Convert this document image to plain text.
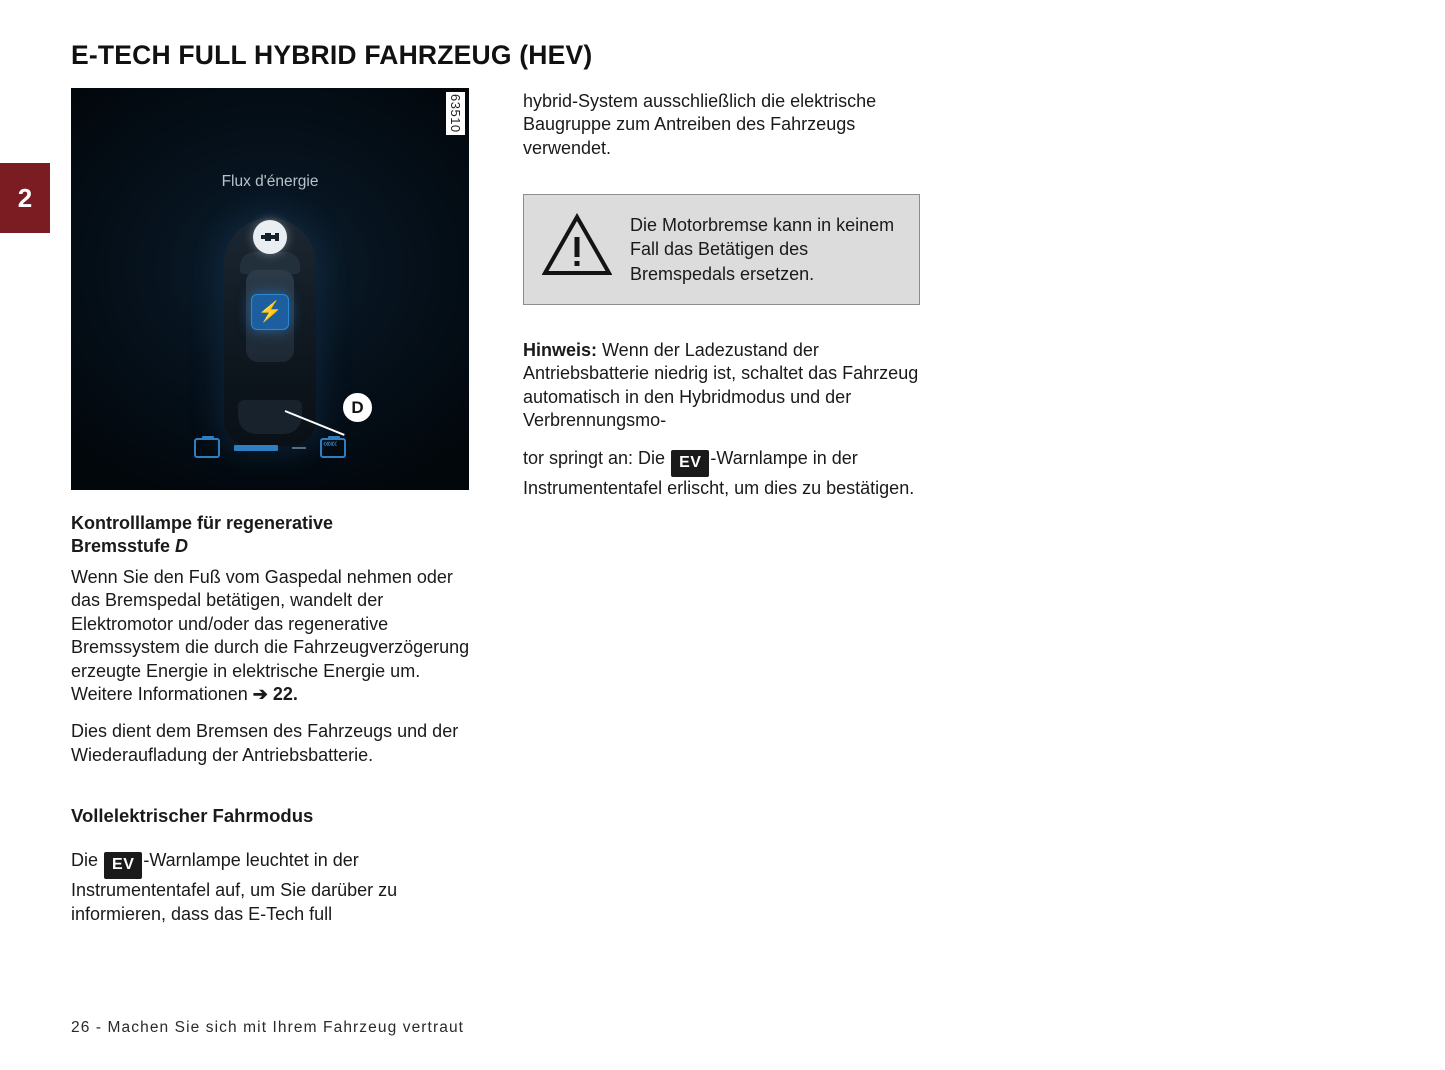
2
E-TECH FULL HYBRID FAHRZEUG (HEV)
63510
Flux d'énergie
⚡
D
«««
Kontrolllampe für regenerative
Bremsstufe D

Wenn Sie den Fuß vom Gaspedal nehmen oder das Bremspedal betätigen, wandelt der Elektromotor und/oder das regenerative Bremssystem die durch die Fahrzeugverzögerung erzeugte Energie in elektrische Energie um. Weitere Informationen ➔ 22.

Dies dient dem Bremsen des Fahrzeugs und der Wiederaufladung der Antriebsbatterie.

Vollelektrischer Fahrmodus

Die EV -Warnlampe leuchtet in der Instrumententafel auf, um Sie darüber zu informieren, dass das E-Tech full

hybrid-System ausschließlich die elektrische Baugruppe zum Antreiben des Fahrzeugs verwendet.

Die Motorbremse kann in keinem Fall das Betätigen des Bremspedals ersetzen.

Hinweis: Wenn der Ladezustand der Antriebsbatterie niedrig ist, schaltet das Fahrzeug automatisch in den Hybridmodus und der Verbrennungsmo-

tor springt an: Die EV -Warnlampe in der Instrumententafel erlischt, um dies zu bestätigen.

26 - Machen Sie sich mit Ihrem Fahrzeug vertraut
